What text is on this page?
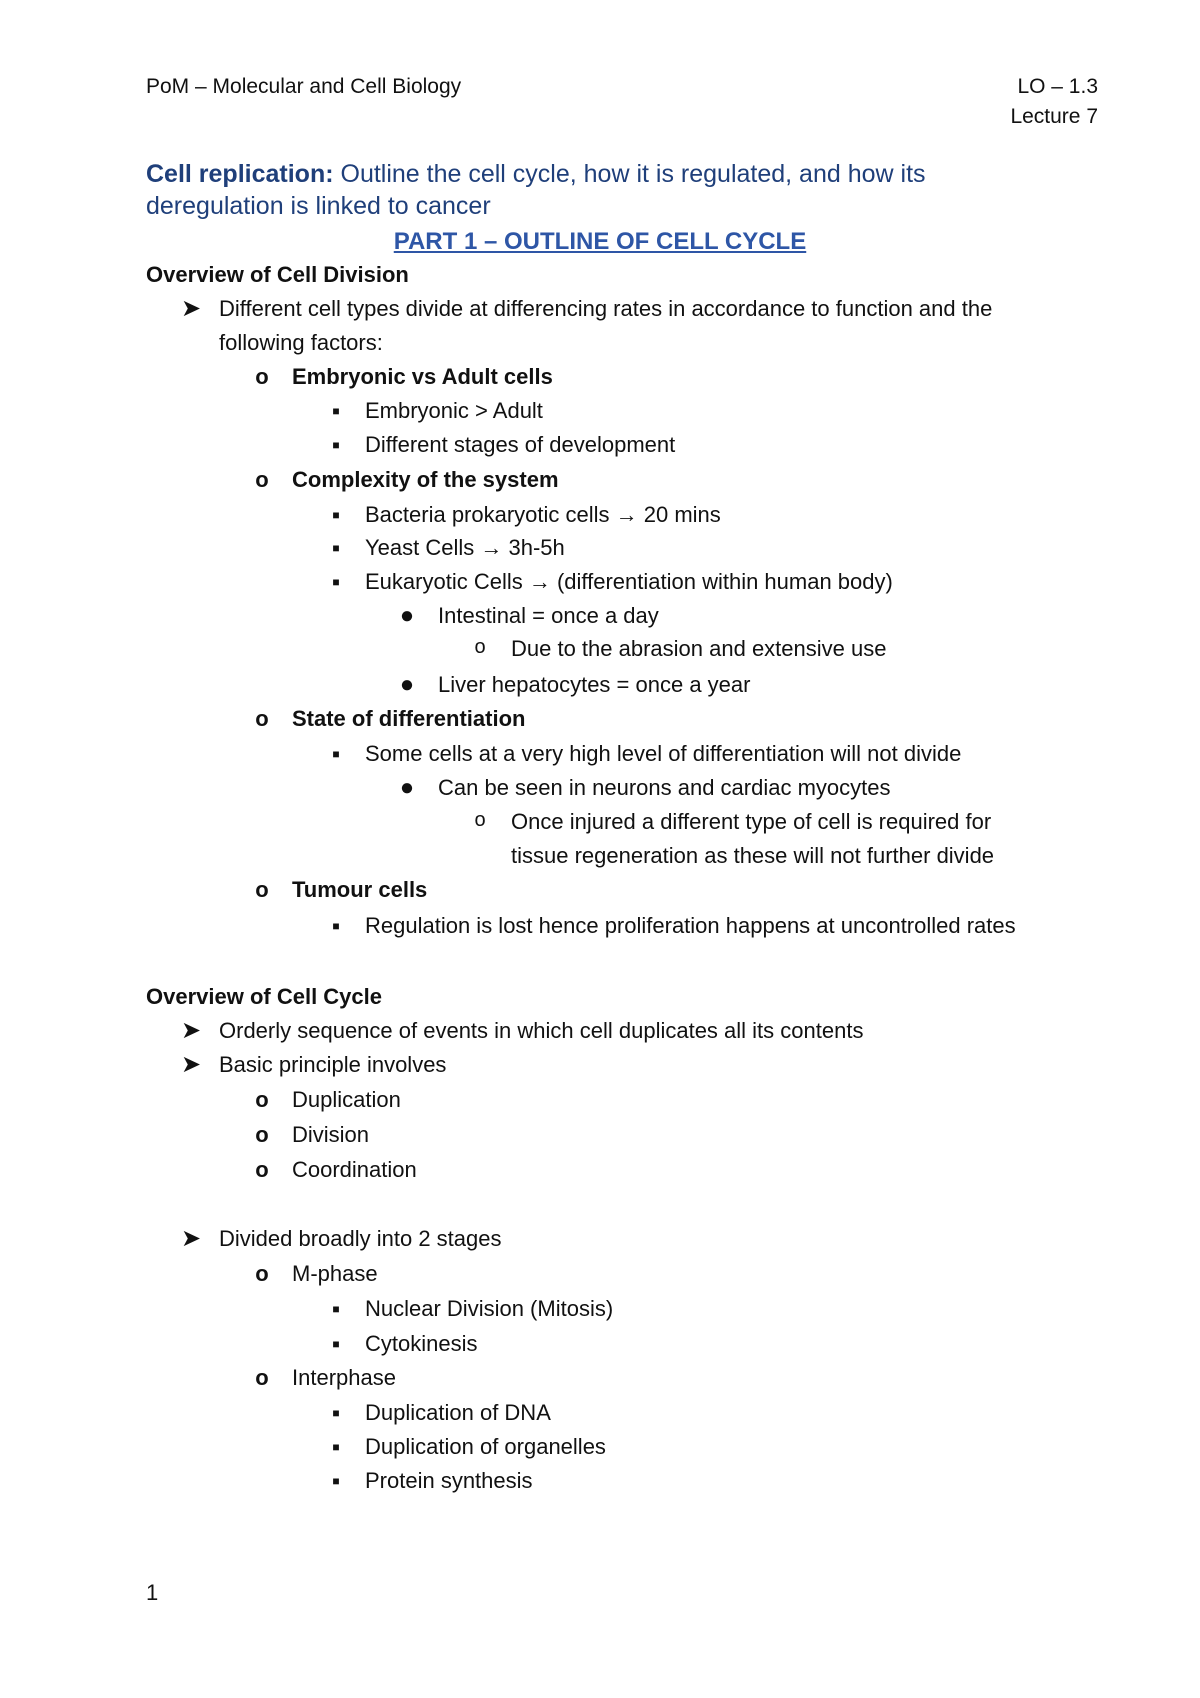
PoM – Molecular and Cell Biology	LO – 1.3
Lecture 7
Cell replication: Outline the cell cycle, how it is regulated, and how its
deregulation is linked to cancer
PART 1 – OUTLINE OF CELL CYCLE
Overview of Cell Division
➤ Different cell types divide at differencing rates in accordance to function and the
following factors:
o Embryonic vs Adult cells
■	Embryonic > Adult
■	Different stages of development
o Complexity of the system
■	Bacteria prokaryotic cells → 20 mins
■	Yeast Cells → 3h-5h
■	Eukaryotic Cells → (differentiation within human body)
● Intestinal = once a day
o Due to the abrasion and extensive use
● Liver hepatocytes = once a year
o State of differentiation
■	Some cells at a very high level of differentiation will not divide
● Can be seen in neurons and cardiac myocytes
o Once injured a different type of cell is required for
tissue regeneration as these will not further divide
o Tumour cells
■	Regulation is lost hence proliferation happens at uncontrolled rates
Overview of Cell Cycle
➤ Orderly sequence of events in which cell duplicates all its contents
➤ Basic principle involves
o Duplication
o Division
o Coordination
➤ Divided broadly into 2 stages
o M-phase
■	Nuclear Division (Mitosis)
■	Cytokinesis
o Interphase
■	Duplication of DNA
■	Duplication of organelles
■	Protein synthesis
1
